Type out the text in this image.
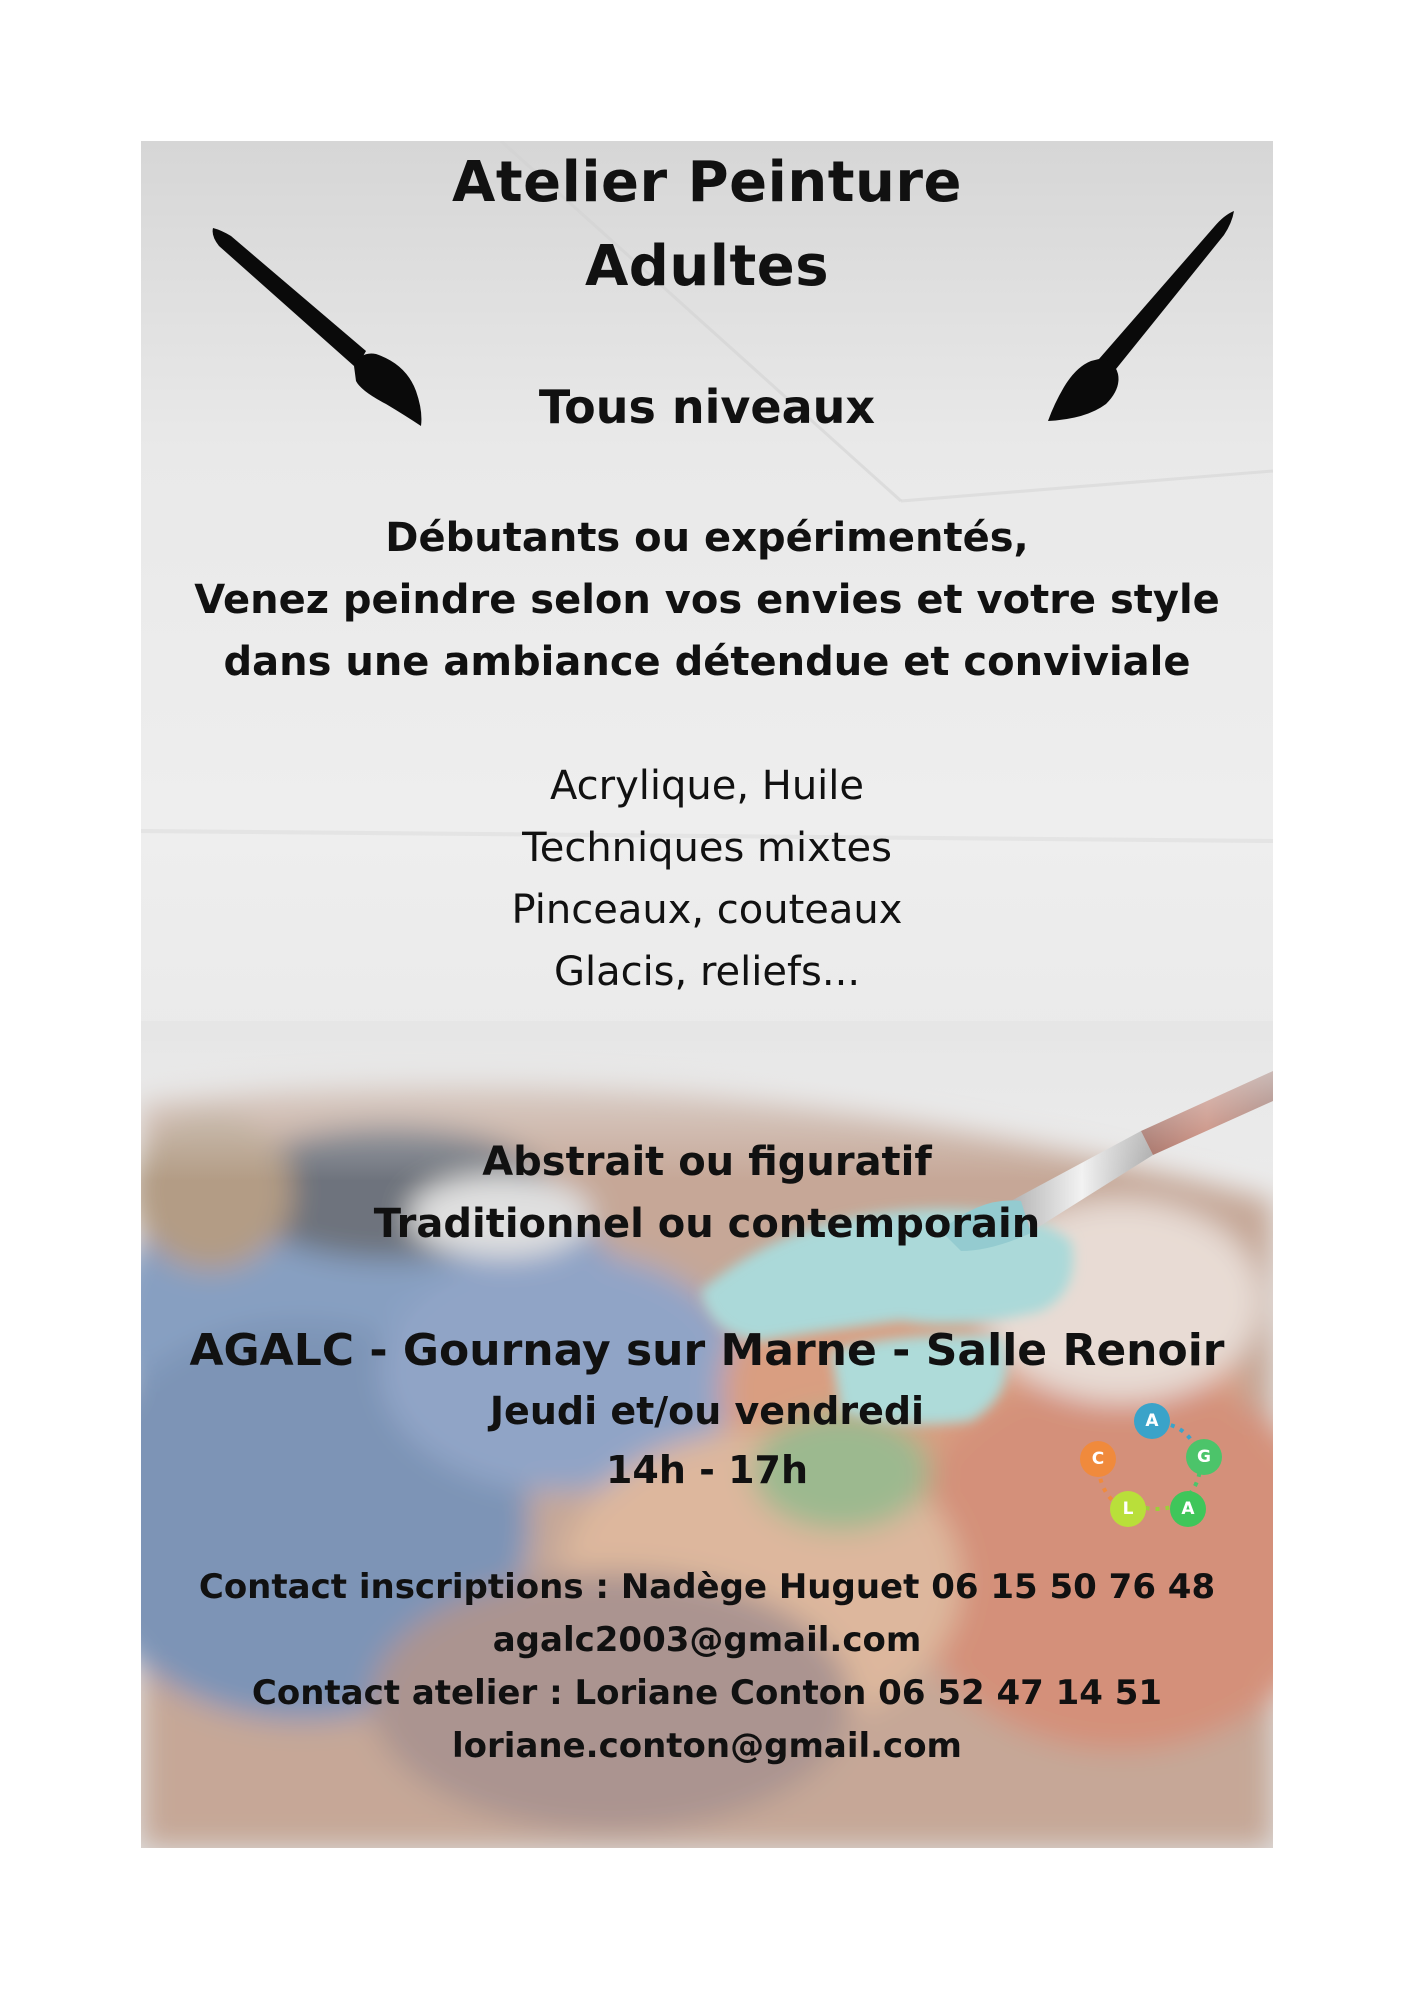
Atelier Peinture
Adultes
Tous niveaux
Débutants ou expérimentés,
Venez peindre selon vos envies et votre style
dans une ambiance détendue et conviviale
Acrylique, Huile
Techniques mixtes
Pinceaux, couteaux
Glacis, reliefs...
Abstrait ou figuratif
Traditionnel ou contemporain
AGALC - Gournay sur Marne - Salle Renoir
Jeudi et/ou vendredi
14h - 17h
Contact inscriptions : Nadège Huguet 06 15 50 76 48
agalc2003@gmail.com
Contact atelier : Loriane Conton 06 52 47 14 51
loriane.conton@gmail.com
A
G
C
L	A
